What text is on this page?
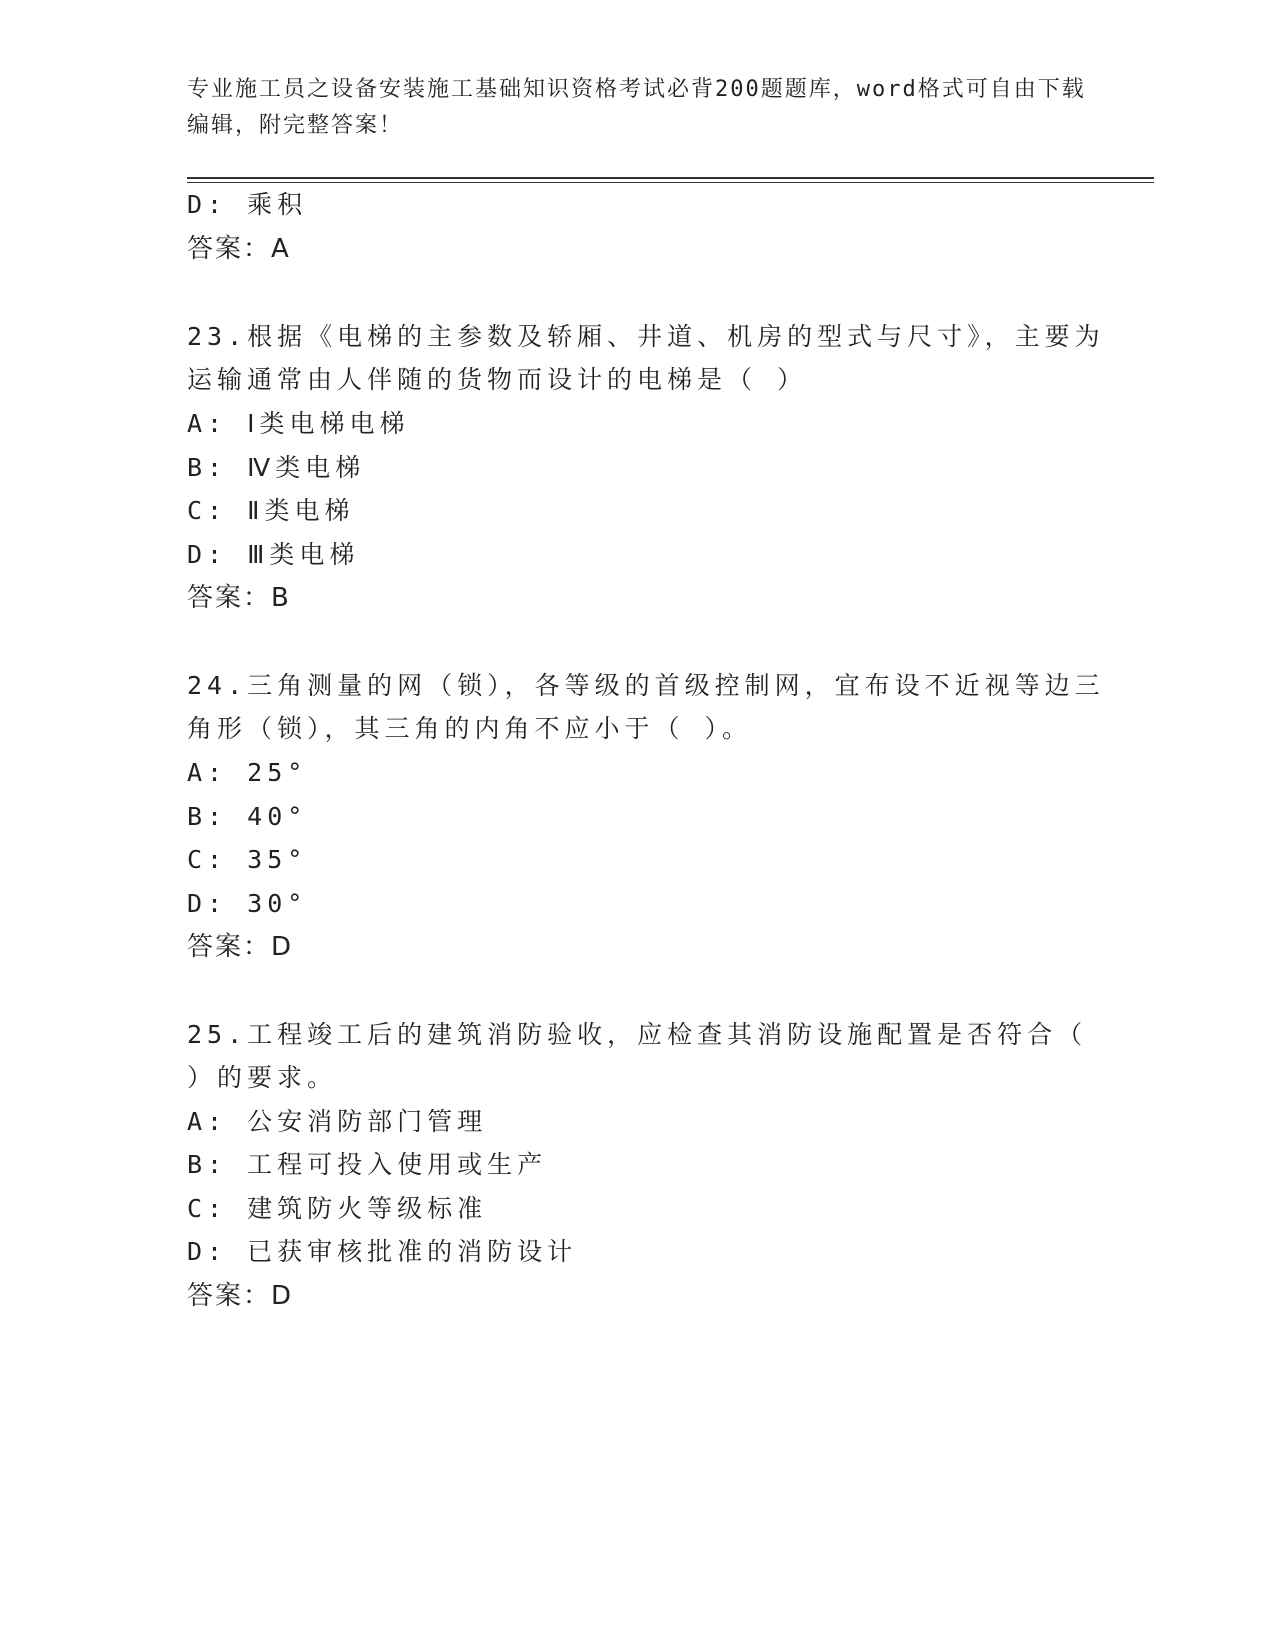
专业施工员之设备安装施工基础知识资格考试必背200题题库，word格式可自由下载编辑，附完整答案！
D: 乘积
答案：A
23.根据《电梯的主参数及轿厢、井道、机房的型式与尺寸》，主要为
运输通常由人伴随的货物而设计的电梯是（ ）
A: Ⅰ类电梯电梯
B: Ⅳ类电梯
C: Ⅱ类电梯
D: Ⅲ类电梯
答案：B
24.三角测量的网（锁），各等级的首级控制网，宜布设不近视等边三
角形（锁），其三角的内角不应小于（ ）。
A: 25°
B: 40°
C: 35°
D: 30°
答案：D
25.工程竣工后的建筑消防验收，应检查其消防设施配置是否符合（
）的要求。
A: 公安消防部门管理
B: 工程可投入使用或生产
C: 建筑防火等级标准
D: 已获审核批准的消防设计
答案：D
